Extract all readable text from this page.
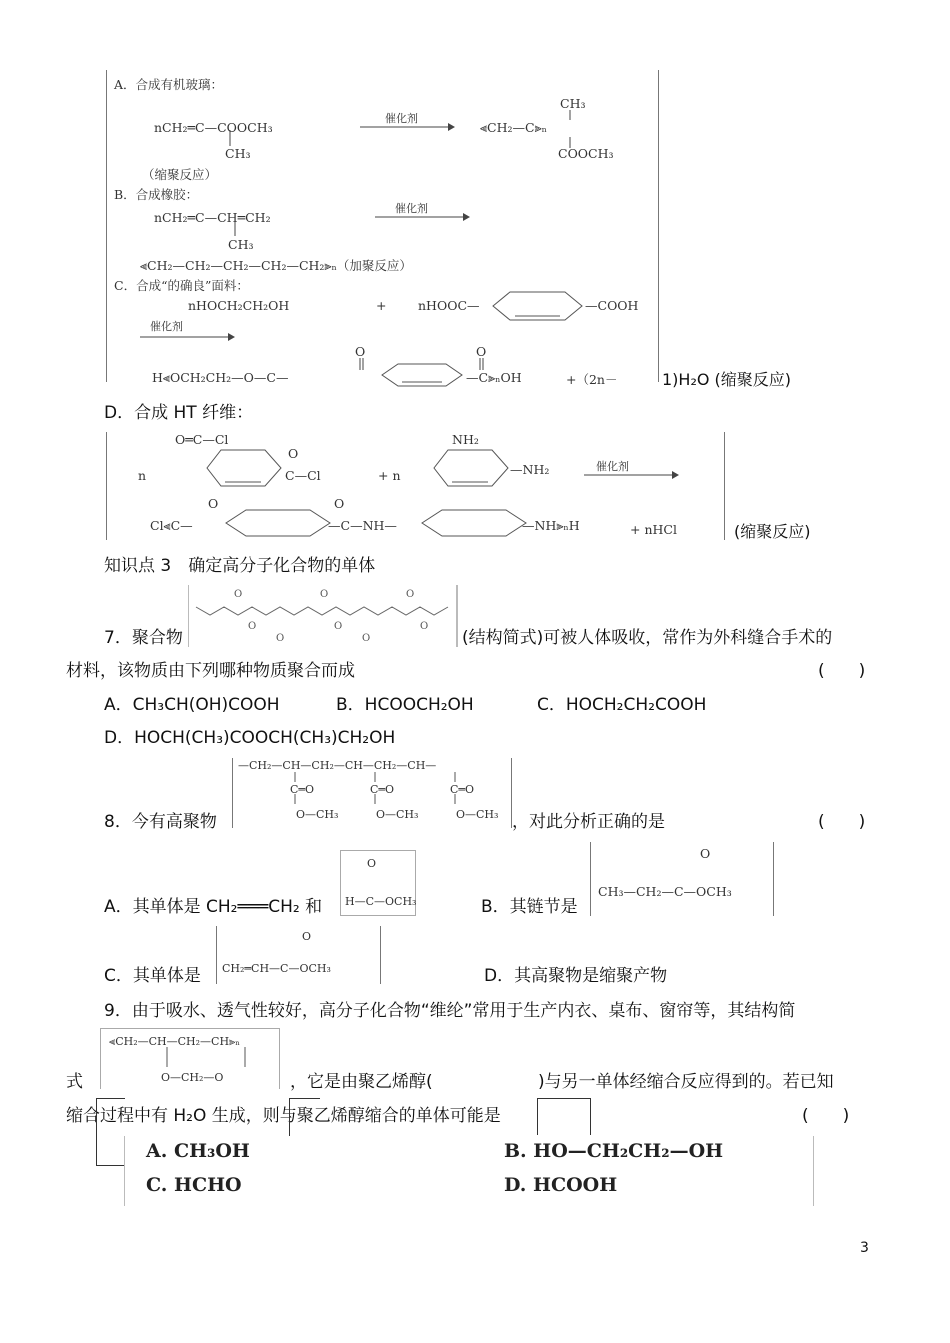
A．合成有机玻璃：
nCH₂═C—COOCH₃
CH₃
催化剂
CH₃
⫷CH₂—C⫸ₙ
COOCH₃
（缩聚反应）
B．合成橡胶：
nCH₂═C—CH═CH₂
CH₃
催化剂
⫷CH₂—CH₂—CH₂—CH₂—CH₂⫸ₙ（加聚反应）
C．合成“的确良”面料：
nHOCH₂CH₂OH	+	nHOOC—	—COOH
催化剂
O	O
H⫷OCH₂CH₂—O—C—	—C⫸ₙOH	+（2n－	1)H₂O (缩聚反应)
D．合成 HT 纤维：
O═C—Cl
n
O
C—Cl	+ n
NH₂
—NH₂	催化剂
O	O
Cl⫷C—	—C—NH—	—NH⫸ₙH	+ nHCl	(缩聚反应)
知识点 3　确定高分子化合物的单体
7．聚合物
O	O	O
O	O	O
O	O	(结构简式)可被人体吸收，常作为外科缝合手术的
材料，该物质由下列哪种物质聚合而成	(　　)
A．CH₃CH(OH)COOH	B．HCOOCH₂OH	C．HOCH₂CH₂COOH
D．HOCH(CH₃)COOCH(CH₃)CH₂OH
—CH₂—CH—CH₂—CH—CH₂—CH—
C═O	C═O	C═O
O—CH₃	O—CH₃	O—CH₃
8．今有高聚物	，对此分析正确的是	(　　)
A．其单体是 CH₂═══CH₂ 和
O
H—C—OCH₃	B．其链节是
O
CH₃—CH₂—C—OCH₃
C．其单体是
O
CH₂═CH—C—OCH₃	D．其高聚物是缩聚产物
9．由于吸水、透气性较好，高分子化合物“维纶”常用于生产内衣、桌布、窗帘等，其结构简
⫷CH₂—CH—CH₂—CH⫸ₙ
O—CH₂—O
式	，它是由聚乙烯醇(	)与另一单体经缩合反应得到的。若已知
缩合过程中有 H₂O 生成，则与聚乙烯醇缩合的单体可能是	(　　)
A. CH₃OH	B. HO—CH₂CH₂—OH
C. HCHO	D. HCOOH
3
